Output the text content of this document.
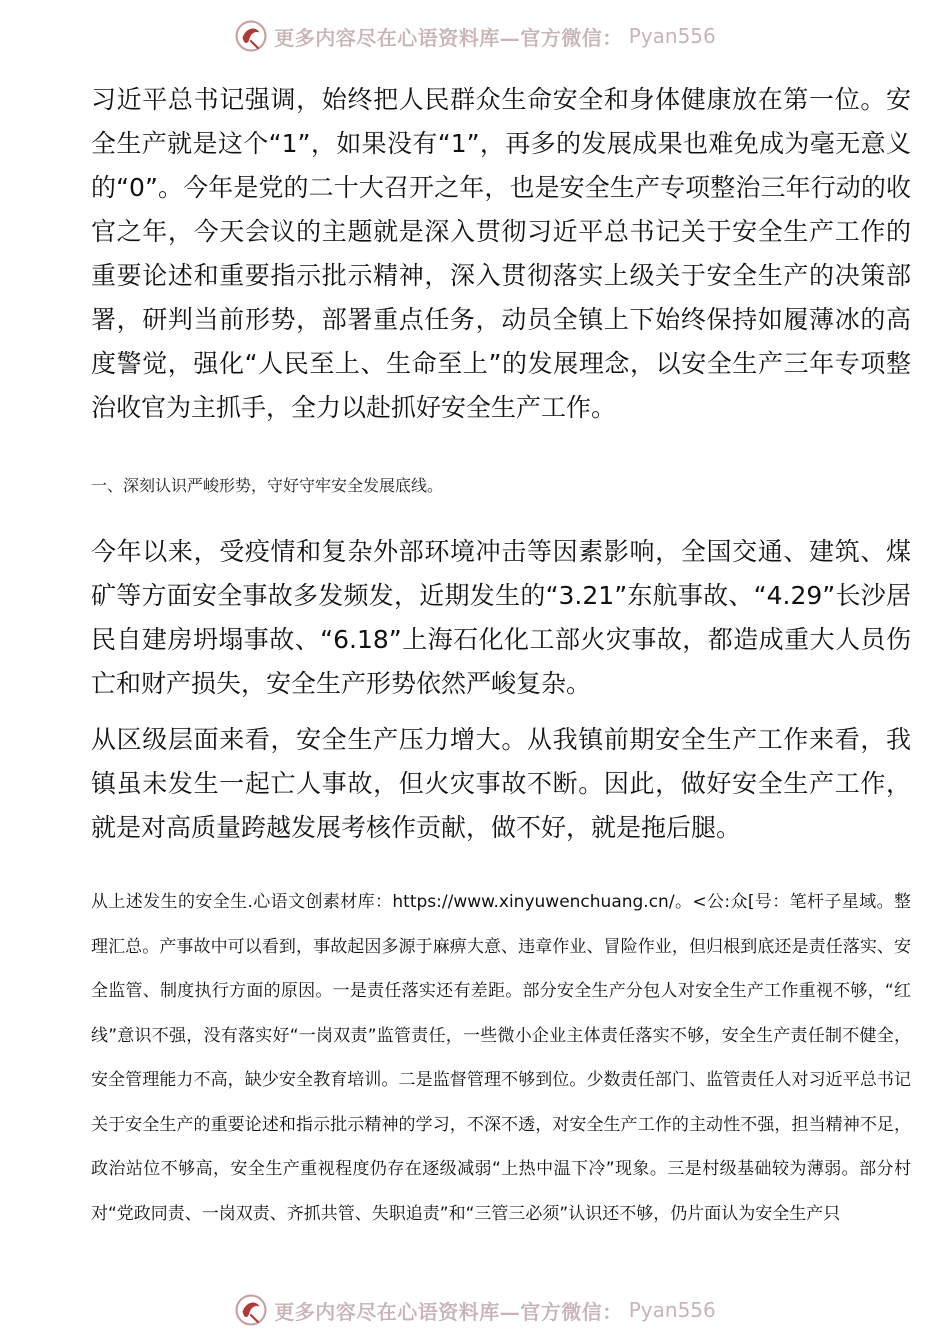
更多内容尽在心语资料库—官方微信： Pyan556

习近平总书记强调，始终把人民群众生命安全和身体健康放在第一位。安全生产就是这个“1”，如果没有“1”，再多的发展成果也难免成为毫无意义的“0”。今年是党的二十大召开之年，也是安全生产专项整治三年行动的收官之年，今天会议的主题就是深入贯彻习近平总书记关于安全生产工作的重要论述和重要指示批示精神，深入贯彻落实上级关于安全生产的决策部署，研判当前形势，部署重点任务，动员全镇上下始终保持如履薄冰的高度警觉，强化“人民至上、生命至上”的发展理念，以安全生产三年专项整治收官为主抓手，全力以赴抓好安全生产工作。

一、深刻认识严峻形势，守好守牢安全发展底线。

今年以来，受疫情和复杂外部环境冲击等因素影响，全国交通、建筑、煤矿等方面安全事故多发频发，近期发生的“3.21”东航事故、“4.29”长沙居民自建房坍塌事故、“6.18”上海石化化工部火灾事故，都造成重大人员伤亡和财产损失，安全生产形势依然严峻复杂。

从区级层面来看，安全生产压力增大。从我镇前期安全生产工作来看，我镇虽未发生一起亡人事故，但火灾事故不断。因此，做好安全生产工作，就是对高质量跨越发展考核作贡献，做不好，就是拖后腿。

从上述发生的安全生.心语文创素材库：https://www.xinyuwenchuang.cn/。<公:众[号：笔杆子星域。整理汇总。产事故中可以看到，事故起因多源于麻痹大意、违章作业、冒险作业，但归根到底还是责任落实、安全监管、制度执行方面的原因。一是责任落实还有差距。部分安全生产分包人对安全生产工作重视不够，“红线”意识不强，没有落实好“一岗双责”监管责任，一些微小企业主体责任落实不够，安全生产责任制不健全，安全管理能力不高，缺少安全教育培训。二是监督管理不够到位。少数责任部门、监管责任人对习近平总书记关于安全生产的重要论述和指示批示精神的学习，不深不透，对安全生产工作的主动性不强，担当精神不足，政治站位不够高，安全生产重视程度仍存在逐级减弱“上热中温下冷”现象。三是村级基础较为薄弱。部分村对“党政同责、一岗双责、齐抓共管、失职追责”和“三管三必须”认识还不够，仍片面认为安全生产只

更多内容尽在心语资料库—官方微信： Pyan556
